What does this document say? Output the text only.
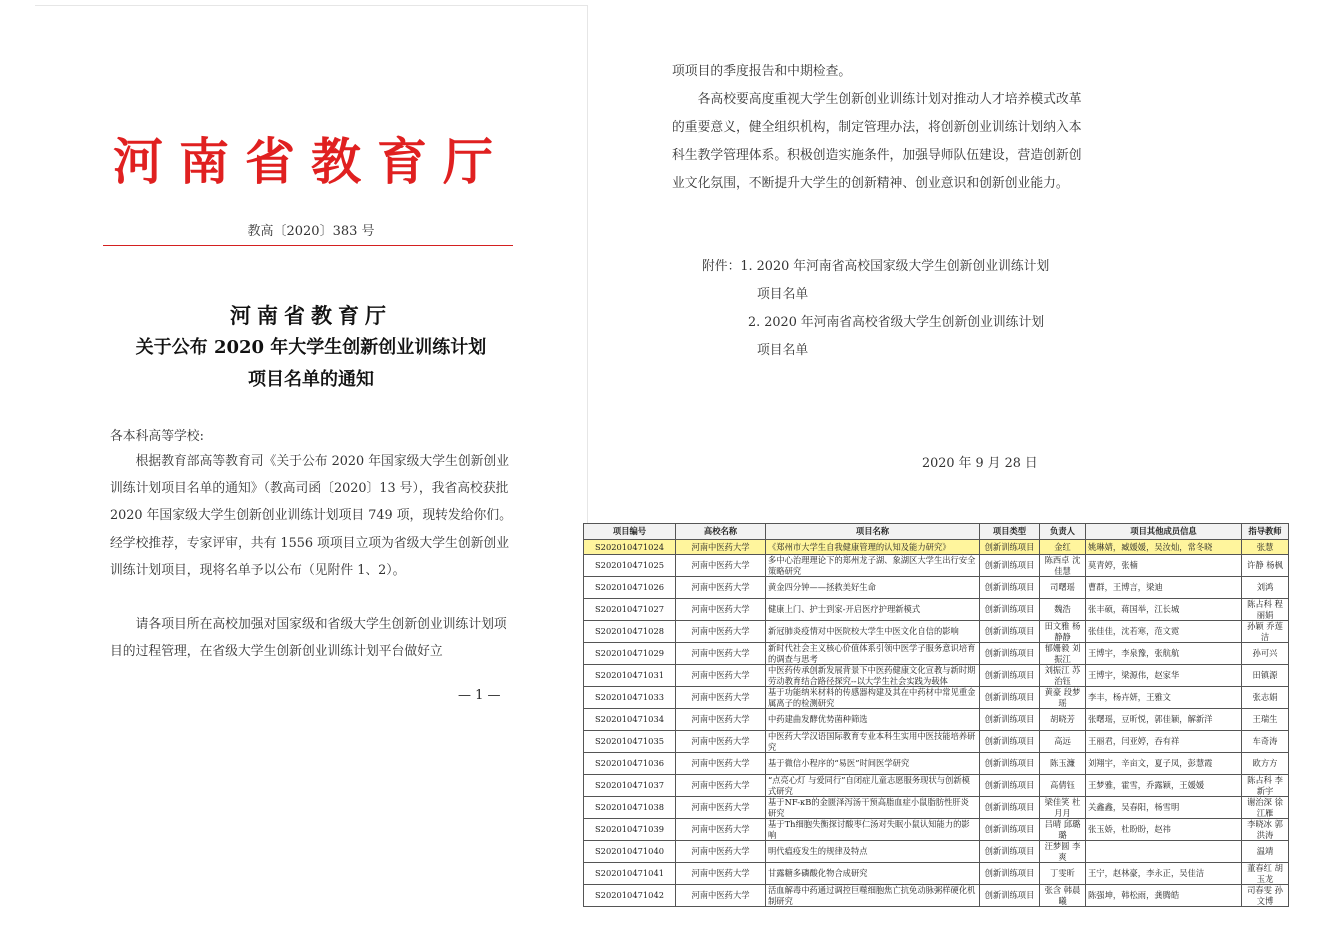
河南省教育厅
教高〔2020〕383 号
河南省教育厅
关于公布 2020 年大学生创新创业训练计划
项目名单的通知
各本科高等学校:
根据教育部高等教育司《关于公布 2020 年国家级大学生创新创业训练计划项目名单的通知》（教高司函〔2020〕13 号），我省高校获批 2020 年国家级大学生创新创业训练计划项目 749 项，现转发给你们。经学校推荐，专家评审，共有 1556 项项目立项为省级大学生创新创业训练计划项目，现将名单予以公布（见附件 1、2）。
请各项目所在高校加强对国家级和省级大学生创新创业训练计划项目的过程管理，在省级大学生创新创业训练计划平台做好立
— 1 —
项项目的季度报告和中期检查。
各高校要高度重视大学生创新创业训练计划对推动人才培养模式改革的重要意义，健全组织机构，制定管理办法，将创新创业训练计划纳入本科生教学管理体系。积极创造实施条件，加强导师队伍建设，营造创新创业文化氛围，不断提升大学生的创新精神、创业意识和创新创业能力。
附件：1. 2020 年河南省高校国家级大学生创新创业训练计划
项目名单
2. 2020 年河南省高校省级大学生创新创业训练计划
项目名单
2020 年 9 月 28 日
项目编号	高校名称	项目名称	项目类型	负责人	项目其他成员信息	指导教师
S202010471024	河南中医药大学	《郑州市大学生自我健康管理的认知及能力研究》	创新训练项目	金红	姚琳婧，臧媛媛，吴汝灿，常冬晓	张慧
S202010471025	河南中医药大学	多中心治理理论下的郑州龙子湖、象湖区大学生出行安全策略研究	创新训练项目	陈西卓 沈佳慧	莫青婷，张楠	许静 杨枫
S202010471026	河南中医药大学	黄金四分钟——拯救美好生命	创新训练项目	司曙瑶	曹群，王博言，梁迪	刘鸿
S202010471027	河南中医药大学	健康上门、护士到家-开启医疗护理新模式	创新训练项目	魏浩	张丰硕，蒋国举，江长城	陈占科 程丽娟
S202010471028	河南中医药大学	新冠肺炎疫情对中医院校大学生中医文化自信的影响	创新训练项目	田文雅 杨静静	张佳佳，沈若寒，范文霓	孙颖 乔莲洁
S202010471029	河南中医药大学	新时代社会主义核心价值体系引领中医学子服务意识培育的调查与思考	创新训练项目	郁姗毅 刘振江	王博宇，李泉豫，张航航	孙可兴
S202010471031	河南中医药大学	中医药传承创新发展背景下中医药健康文化宣教与新时期劳动教育结合路径探究--以大学生社会实践为载体	创新训练项目	刘振江 苏治钰	王博宇，梁源伟，赵家华	田镇源
S202010471033	河南中医药大学	基于功能纳米材料的传感器构建及其在中药材中常见重金属离子的检测研究	创新训练项目	黄豪 段梦瑶	李丰，杨卉妍，王雅文	张志娟
S202010471034	河南中医药大学	中药建曲发酵优势菌种筛选	创新训练项目	胡晓芳	张曙瑶，豆昕悦，郭佳颖，解新洋	王瑞生
S202010471035	河南中医药大学	中医药大学汉语国际教育专业本科生实用中医技能培养研究	创新训练项目	高远	王丽君，闫亚婷，吞有祥	车奇涛
S202010471036	河南中医药大学	基于微信小程序的“易医”时间医学研究	创新训练项目	陈玉濂	刘翔宇，辛亩文，夏子凤，彭慧霞	欧方方
S202010471037	河南中医药大学	“点亮心灯 与爱同行”自闭症儿童志愿服务现状与创新模式研究	创新训练项目	高倩钰	王梦雅，霍雪，乔露颖，王媛媛	陈占科 李新宇
S202010471038	河南中医药大学	基于NF-κB的金匮泽泻汤干预高脂血症小鼠脂肪性肝炎研究	创新训练项目	梁佳笑 杜月月	关鑫鑫，吴春阳，杨雪明	谢治深 徐江雁
S202010471039	河南中医药大学	基于Th细胞失衡探讨酸枣仁汤对失眠小鼠认知能力的影响	创新训练项目	吕晴 邱璐璐	张玉娇，杜盼盼，赵祎	李晓冰 郭洪涛
S202010471040	河南中医药大学	明代瘟疫发生的规律及特点	创新训练项目	汪梦圆 李爽		温靖
S202010471041	河南中医药大学	甘露糖多磷酸化物合成研究	创新训练项目	丁雯昕	王宁，赵林豪，李永正，吴佳洁	董春红 胡玉龙
S202010471042	河南中医药大学	活血解毒中药通过调控巨噬细胞焦亡抗免动脉粥样硬化机制研究	创新训练项目	张含 韩晨曦	陈强坤，韩松雨，龚腾皓	司春雯 孙文博
